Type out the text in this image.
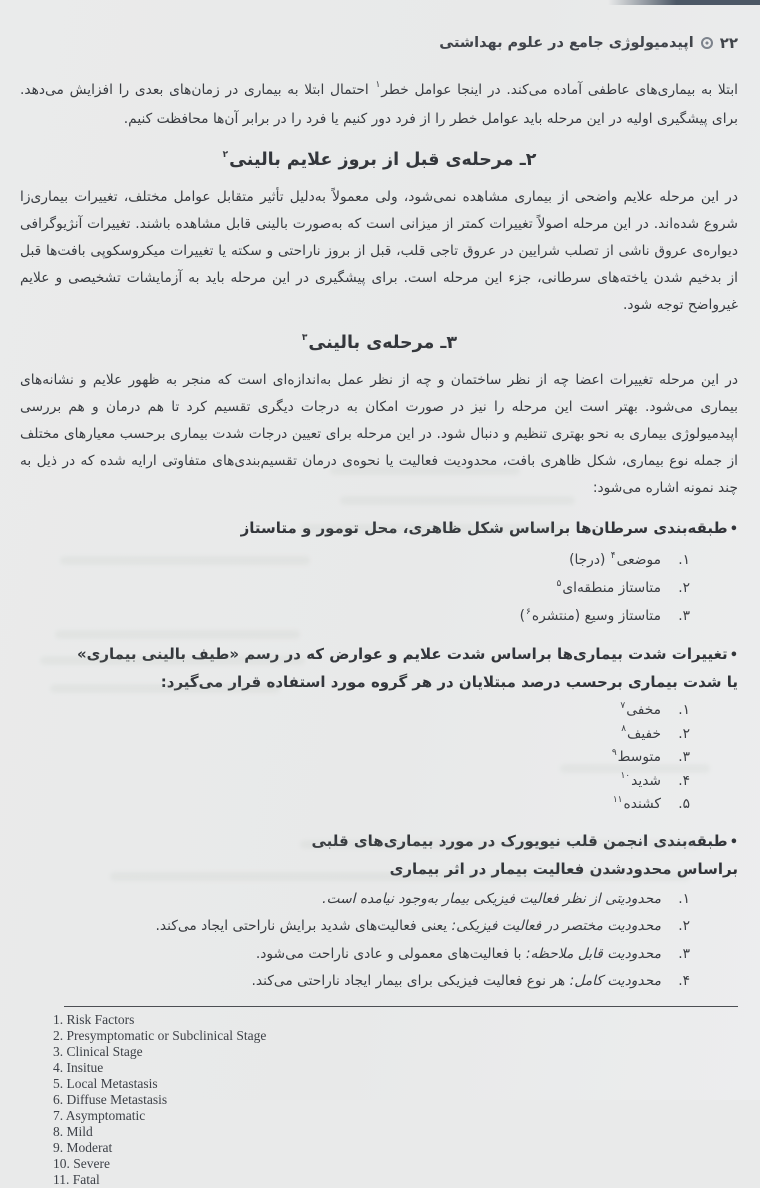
۲۲
اپیدمیولوژی جامع در علوم بهداشتی

ابتلا به بیماری‌های عاطفی آماده می‌کند. در اینجا عوامل خطر$^۱$ احتمال ابتلا به بیماری در زمان‌های بعدی را افزایش می‌دهد. برای پیشگیری اولیه در این مرحله باید عوامل خطر را از فرد دور کنیم یا فرد را در برابر آن‌ها محافظت کنیم.

۲ـ مرحله‌ی قبل از بروز علایم بالینی$^۲$

در این مرحله علایم واضحی از بیماری مشاهده نمی‌شود، ولی معمولاً به‌دلیل تأثیر متقابل عوامل مختلف، تغییرات بیماری‌زا شروع شده‌اند. در این مرحله اصولاً تغییرات کمتر از میزانی است که به‌صورت بالینی قابل مشاهده باشند. تغییرات آنژیوگرافی دیواره‌ی عروق ناشی از تصلب شرایین در عروق تاجی قلب، قبل از بروز ناراحتی و سکته یا تغییرات میکروسکوپی بافت‌ها قبل از بدخیم شدن یاخته‌های سرطانی، جزء این مرحله است. برای پیشگیری در این مرحله باید به آزمایشات تشخیصی و علایم غیرواضح توجه شود.

۳ـ مرحله‌ی بالینی$^۳$

در این مرحله تغییرات اعضا چه از نظر ساختمان و چه از نظر عمل به‌اندازه‌ای است که منجر به ظهور علایم و نشانه‌های بیماری می‌شود. بهتر است این مرحله را نیز در صورت امکان به درجات دیگری تقسیم کرد تا هم درمان و هم بررسی اپیدمیولوژی بیماری به نحو بهتری تنظیم و دنبال شود. در این مرحله برای تعیین درجات شدت بیماری برحسب معیارهای مختلف از جمله نوع بیماری، شکل ظاهری بافت، محدودیت فعالیت یا نحوه‌ی درمان تقسیم‌بندی‌های متفاوتی ارایه شده که در ذیل به چند نمونه اشاره می‌شود:

•طبقه‌بندی سرطان‌ها براساس شکل ظاهری، محل تومور و متاستاز
۱.
موضعی$^۴$ (درجا)
۲.
متاستاز منطقه‌ای$^۵$
۳.
متاستاز وسیع (منتشره$^۶$)
•تغییرات شدت بیماری‌ها براساس شدت علایم و عوارض که در رسم «طیف بالینی بیماری»
یا شدت بیماری برحسب درصد مبتلایان در هر گروه مورد استفاده قرار می‌گیرد:
۱.
مخفی$^۷$
۲.
خفیف$^۸$
۳.
متوسط$^۹$
۴.
شدید$^{۱۰}$
۵.
کشنده$^{۱۱}$
•طبقه‌بندی انجمن قلب نیویورک در مورد بیماری‌های قلبی
براساس محدودشدن فعالیت بیمار در اثر بیماری
۱.
محدودیتی از نظر فعالیت فیزیکی بیمار به‌وجود نیامده است.
۲.
محدودیت مختصر در فعالیت فیزیکی: یعنی فعالیت‌های شدید برایش ناراحتی ایجاد می‌کند.
۳.
محدودیت قابل ملاحظه: با فعالیت‌های معمولی و عادی ناراحت می‌شود.
۴.
محدودیت کامل: هر نوع فعالیت فیزیکی برای بیمار ایجاد ناراحتی می‌کند.
1. Risk Factors
2. Presymptomatic or Subclinical Stage
3. Clinical Stage
4. Insitue
5. Local Metastasis
6. Diffuse Metastasis
7. Asymptomatic
8. Mild
9. Moderat
10. Severe
11. Fatal
